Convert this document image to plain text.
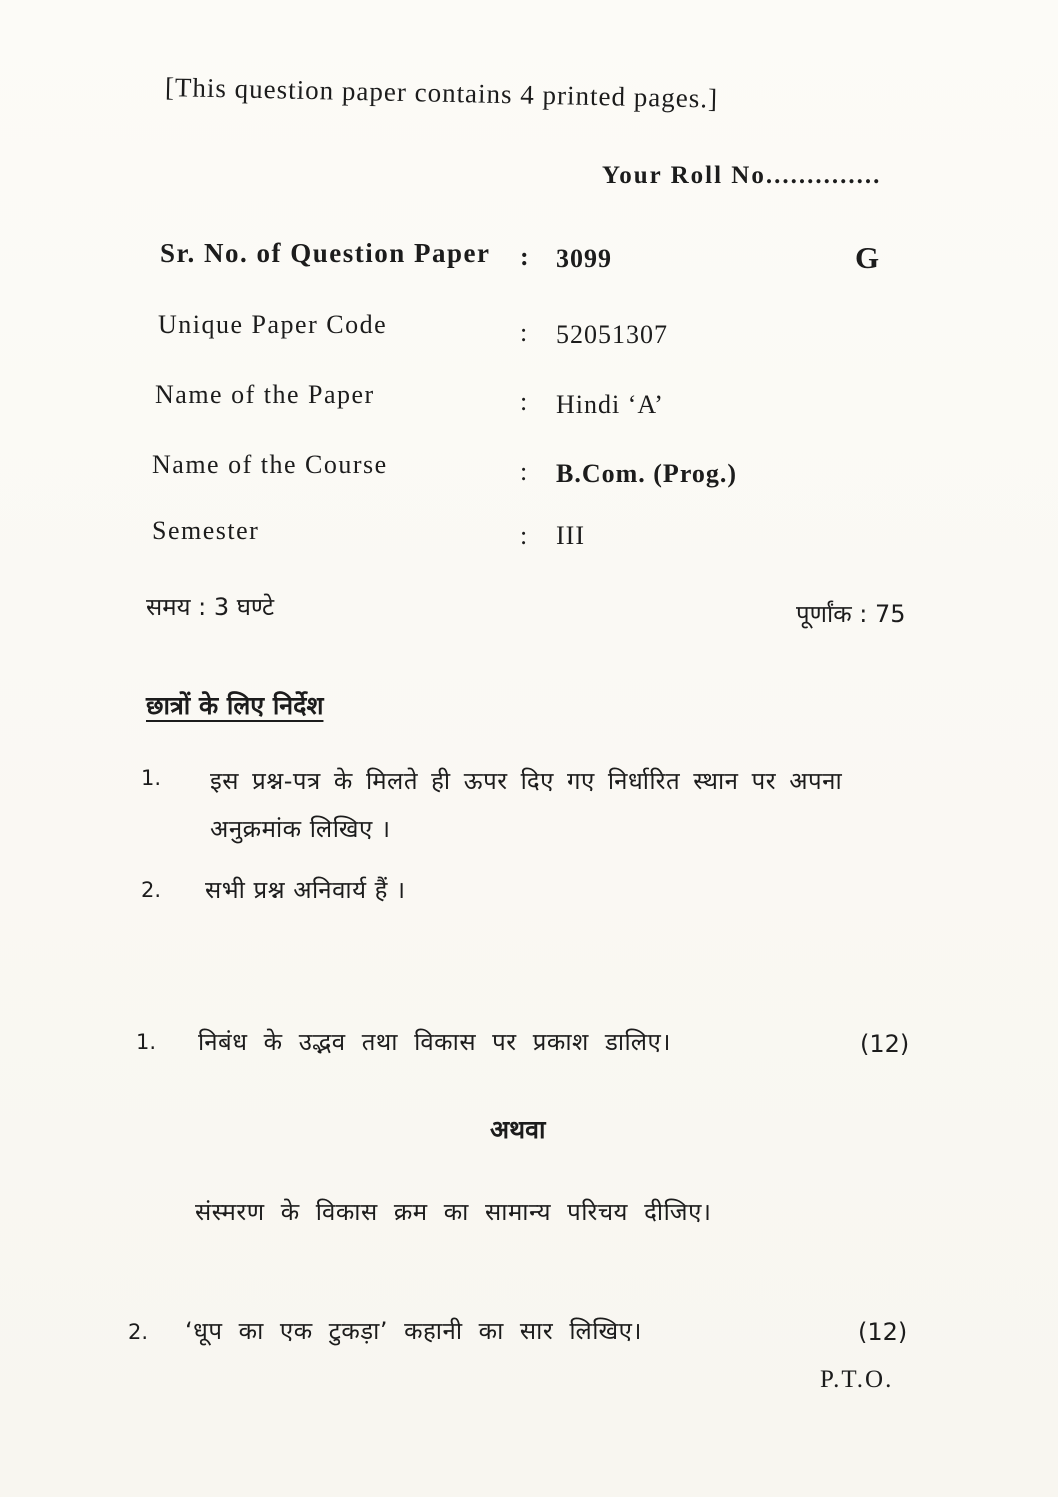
[This question paper contains 4 printed pages.]
Your Roll No..............
Sr. No. of Question Paper : 3099	G
Unique Paper Code	: 52051307
Name of the Paper	: Hindi ‘A’
Name of the Course	: B.Com. (Prog.)
Semester	: III
समय : 3 घण्टे	पूर्णांक : 75
छात्रों के लिए निर्देश
1. इस प्रश्न-पत्र के मिलते ही ऊपर दिए गए निर्धारित स्थान पर अपना
अनुक्रमांक लिखिए ।
2. सभी प्रश्न अनिवार्य हैं ।
1. निबंध के उद्भव तथा विकास पर प्रकाश डालिए।	(12)
अथवा
संस्मरण के विकास क्रम का सामान्य परिचय दीजिए।
2. ‘धूप का एक टुकड़ा’ कहानी का सार लिखिए।	(12)
P.T.O.
